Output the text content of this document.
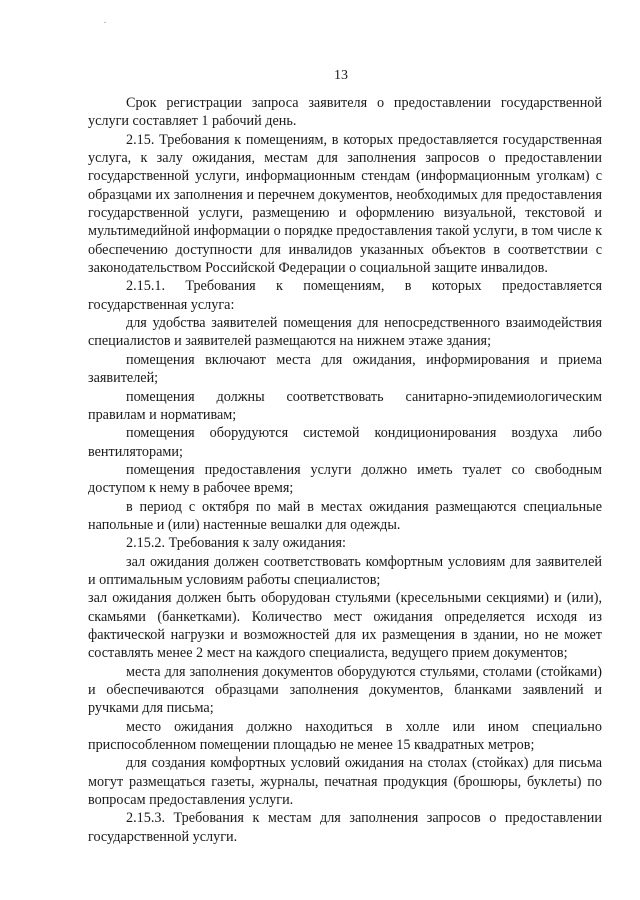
.
13

Срок регистрации запроса заявителя о предоставлении государственной услуги составляет 1 рабочий день.

2.15. Требования к помещениям, в которых предоставляется государственная услуга, к залу ожидания, местам для заполнения запросов о предоставлении государственной услуги, информационным стендам (информационным уголкам) с образцами их заполнения и перечнем документов, необходимых для предоставления государственной услуги, размещению и оформлению визуальной, текстовой и мультимедийной информации о порядке предоставления такой услуги, в том числе к обеспечению доступности для инвалидов указанных объектов в соответствии с законодательством Российской Федерации о социальной защите инвалидов.

2.15.1. Требования к помещениям, в которых предоставляется государственная услуга:

для удобства заявителей помещения для непосредственного взаимодействия специалистов и заявителей размещаются на нижнем этаже здания;

помещения включают места для ожидания, информирования и приема заявителей;

помещения должны соответствовать санитарно-эпидемиологическим правилам и нормативам;

помещения оборудуются системой кондиционирования воздуха либо вентиляторами;

помещения предоставления услуги должно иметь туалет со свободным доступом к нему в рабочее время;

в период с октября по май в местах ожидания размещаются специальные напольные и (или) настенные вешалки для одежды.

2.15.2. Требования к залу ожидания:

зал ожидания должен соответствовать комфортным условиям для заявителей и оптимальным условиям работы специалистов;

зал ожидания должен быть оборудован стульями (кресельными секциями) и (или), скамьями (банкетками). Количество мест ожидания определяется исходя из фактической нагрузки и возможностей для их размещения в здании, но не может составлять менее 2 мест на каждого специалиста, ведущего прием документов;

места для заполнения документов оборудуются стульями, столами (стойками) и обеспечиваются образцами заполнения документов, бланками заявлений и ручками для письма;

место ожидания должно находиться в холле или ином специально приспособленном помещении площадью не менее 15 квадратных метров;

для создания комфортных условий ожидания на столах (стойках) для письма могут размещаться газеты, журналы, печатная продукция (брошюры, буклеты) по вопросам предоставления услуги.

2.15.3. Требования к местам для заполнения запросов о предоставлении государственной услуги.
